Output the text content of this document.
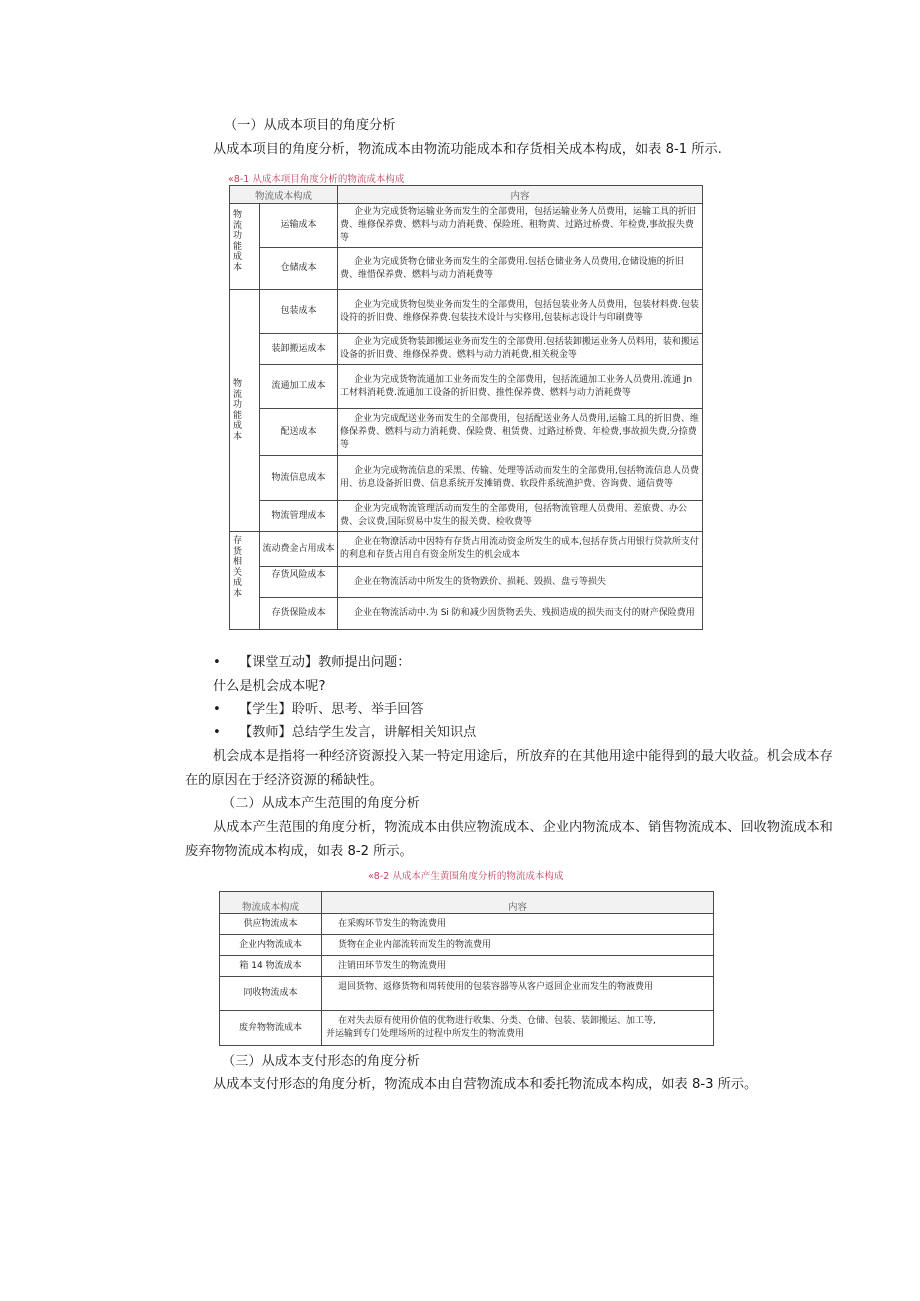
（一）从成本项目的角度分析
从成本项目的角度分析，物流成本由物流功能成本和存货相关成本构成，如表 8-1 所示.
«8-1 从成本项目角度分析的物流成本构成
物流成本构成		内容

物流功能成本	运输成本	企业为完成货物运输业务而发生的全部费用，包括运输业务人员费用，运输工具的折旧费、维修保养费、燃料与动力消耗费、保险班、租物黄、过路过桥费、年检费,事故报失费等
	仓储成本	企业为完成货物仓储业务而发生的全部费用.包括仓储业务人员费用,仓储设施的折旧费、维惜保养费、燃料与动力消耗费等

物流功能成本	包装成本	企业为完成货物包奘业务而发生的全部费用，包括包装业务人员费用，包装材料费.包装设符的折旧费、维修保养费.包装技术设计与实修用,包装标志设计与印刷费等
	装卸搬运成本	企业为完成货物装卸搬运业务而发生的全部费用.包括装卸搬运业务人员料用，装和搬运设备的折旧费、维修保养费、燃料与动力消耗费,相关税金等
	流通加工成本	企业为完成货物流通加工业务而发生的全部费用，包括流通加工业务人员费用.流通 Jn 工材料消耗费.流通加工设备的折旧费、推性保养费、燃料与动力消耗费等
	配送成本	企业为完成配送业务而发生的全部费用，包括配送业务人员费用,运输工具的折旧费、维修保养费、燃料与动力消耗费、保险费、租赁费、过路过桥费、年检费,事故损失费,分捺费等
	物流信息成本	企业为完成物流信息的采黑、传输、处理等活动而发生的全部费用,包括物流信息人员费用、彷息设备折旧费、信息系统开发摊销费、软段件系统渔护费、咨询费、通信费等
	物流管理成本	企业为完成物流管理活动而发生的全部费用，包括物流管理人员费用、差旅费、办公费、会议费,国际贸易中发生的报关费、检收费等

存货相关成本	流动费金占用成本	企业在物潦活动中因特有存货占用流动资金所发生的成本,包括存货占用银行贷款所支付的利息和存货占用自有资金所发生的机会成本
	存货风险成本	企业在物流活动中所发生的货物跌价、损耗、毁损、盘亏等损失
	存货保险成本	企业在物流活动中.为 Si 防和减少因货物丢失、残损造成的损失而支付的财产保险费用
• 【课堂互动】教师提出问题：
什么是机会成本呢?
• 【学生】聆听、思考、举手回答
• 【教师】总结学生发言，讲解相关知识点
机会成本是指将一种经济资源投入某一特定用途后，所放弃的在其他用途中能得到的最大收益。机会成本存
在的原因在于经济资源的稀缺性。
（二）从成本产生范围的角度分析
从成本产生范围的角度分析，物流成本由供应物流成本、企业内物流成本、销售物流成本、回收物流成本和
废弃物物流成本构成，如表 8-2 所示。
«8-2 从成本产生黄围角度分析的物流成本构成
物流成本构成	内容
供应物流成本	在采购环节发生的物流费用
企业内物流成本	货物在企业内部流转而发生的物流费用
箱 14 物流成本	注销田环节发生的物流费用
同收物流成本	退回货物、返修货物和周转使用的包装容器等从客户返回企业而发生的物液费用
废弁物物流成本	在对失去原有使用价值的优物进行收集、分类、仓储、包装、装卸搬运、加工等,
并运输到专门处理场所的过程中所发生的物流费用
（三）从成本支付形态的角度分析
从成本支付形态的角度分析，物流成本由自营物流成本和委托物流成本构成，如表 8-3 所示。
